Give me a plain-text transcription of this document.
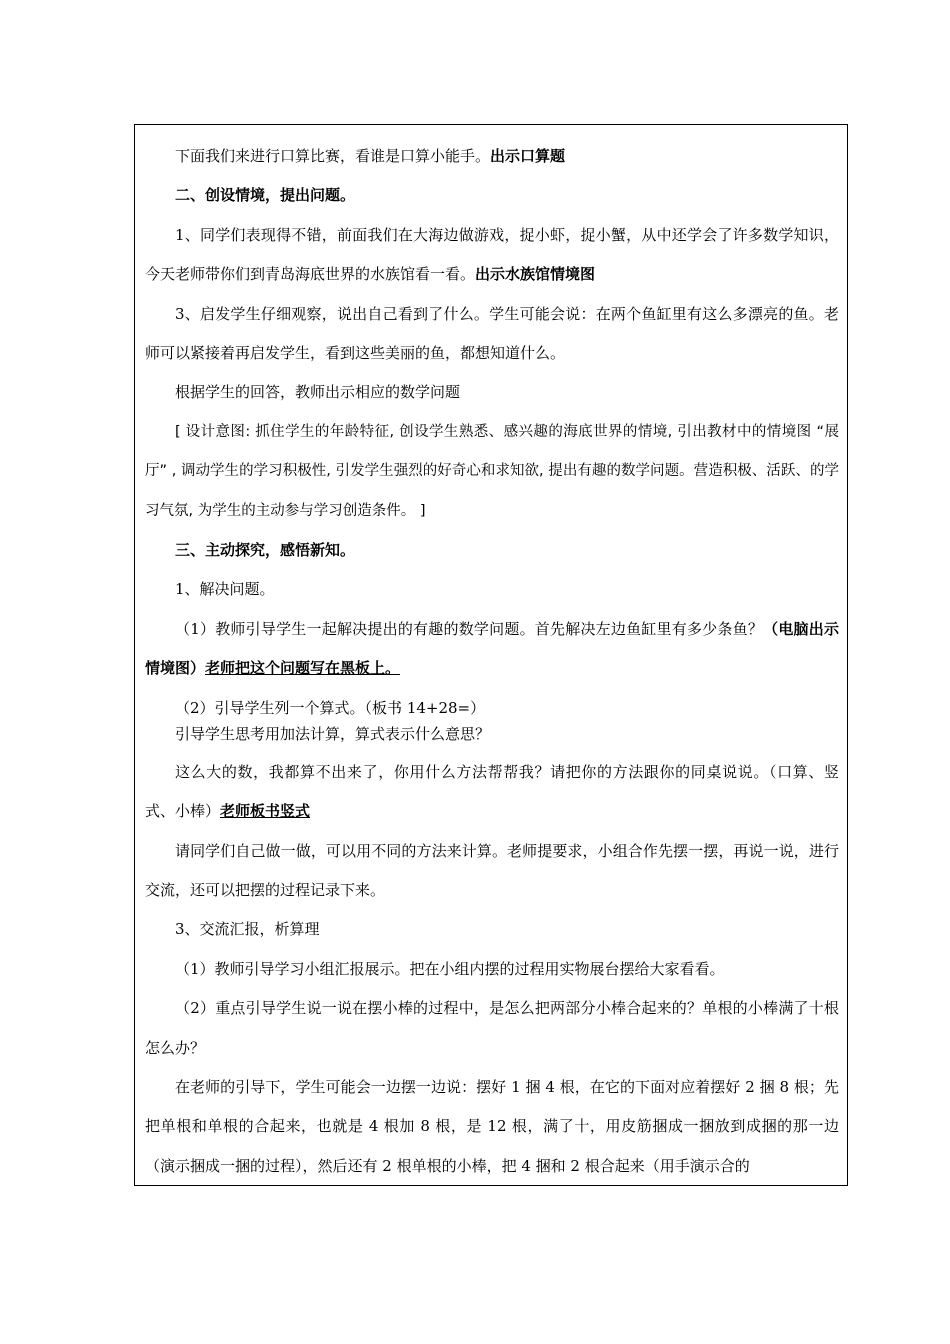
下面我们来进行口算比赛，看谁是口算小能手。出示口算题

二、创设情境，提出问题。

1、同学们表现得不错，前面我们在大海边做游戏，捉小虾，捉小蟹，从中还学会了许多数学知识，今天老师带你们到青岛海底世界的水族馆看一看。出示水族馆情境图

3、启发学生仔细观察，说出自己看到了什么。学生可能会说：在两个鱼缸里有这么多漂亮的鱼。老师可以紧接着再启发学生，看到这些美丽的鱼，都想知道什么。

根据学生的回答，教师出示相应的数学问题

[ 设计意图: 抓住学生的年龄特征, 创设学生熟悉、感兴趣的海底世界的情境, 引出教材中的情境图 “展厅” , 调动学生的学习积极性, 引发学生强烈的好奇心和求知欲, 提出有趣的数学问题。营造积极、活跃、的学习气氛, 为学生的主动参与学习创造条件。 ]

三、主动探究，感悟新知。

1、解决问题。

（1）教师引导学生一起解决提出的有趣的数学问题。首先解决左边鱼缸里有多少条鱼？（电脑出示情境图）老师把这个问题写在黑板上。

（2）引导学生列一个算式。（板书 14+28=）

引导学生思考用加法计算，算式表示什么意思？

这么大的数，我都算不出来了，你用什么方法帮帮我？请把你的方法跟你的同桌说说。（口算、竖式、小棒）老师板书竖式

请同学们自己做一做，可以用不同的方法来计算。老师提要求，小组合作先摆一摆，再说一说，进行交流，还可以把摆的过程记录下来。

3、交流汇报，析算理

（1）教师引导学习小组汇报展示。把在小组内摆的过程用实物展台摆给大家看看。

（2）重点引导学生说一说在摆小棒的过程中，是怎么把两部分小棒合起来的？单根的小棒满了十根怎么办？

在老师的引导下，学生可能会一边摆一边说：摆好 1 捆 4 根，在它的下面对应着摆好 2 捆 8 根；先把单根和单根的合起来，也就是 4 根加 8 根，是 12 根，满了十，用皮筋捆成一捆放到成捆的那一边（演示捆成一捆的过程），然后还有 2 根单根的小棒，把 4 捆和 2 根合起来（用手演示合的
